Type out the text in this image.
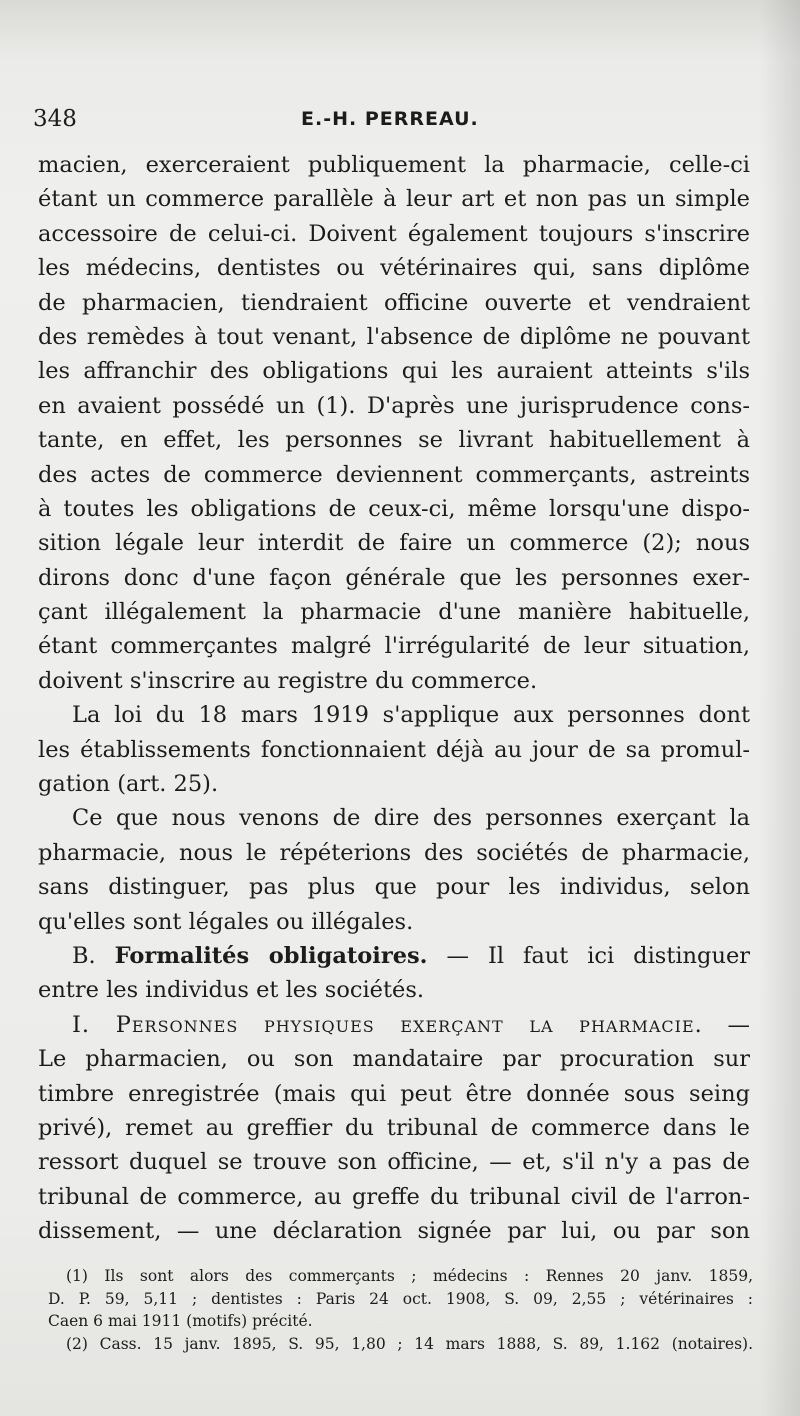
348	E.-H. PERREAU.
macien, exerceraient publiquement la pharmacie, celle-ci
étant un commerce parallèle à leur art et non pas un simple
accessoire de celui-ci. Doivent également toujours s'inscrire
les médecins, dentistes ou vétérinaires qui, sans diplôme
de pharmacien, tiendraient officine ouverte et vendraient
des remèdes à tout venant, l'absence de diplôme ne pouvant
les affranchir des obligations qui les auraient atteints s'ils
en avaient possédé un (1). D'après une jurisprudence cons-
tante, en effet, les personnes se livrant habituellement à
des actes de commerce deviennent commerçants, astreints
à toutes les obligations de ceux-ci, même lorsqu'une dispo-
sition légale leur interdit de faire un commerce (2); nous
dirons donc d'une façon générale que les personnes exer-
çant illégalement la pharmacie d'une manière habituelle,
étant commerçantes malgré l'irrégularité de leur situation,
doivent s'inscrire au registre du commerce.
La loi du 18 mars 1919 s'applique aux personnes dont
les établissements fonctionnaient déjà au jour de sa promul-
gation (art. 25).
Ce que nous venons de dire des personnes exerçant la
pharmacie, nous le répéterions des sociétés de pharmacie,
sans distinguer, pas plus que pour les individus, selon
qu'elles sont légales ou illégales.
B. Formalités obligatoires. — Il faut ici distinguer
entre les individus et les sociétés.
I. Personnes physiques exerçant la pharmacie. —
Le pharmacien, ou son mandataire par procuration sur
timbre enregistrée (mais qui peut être donnée sous seing
privé), remet au greffier du tribunal de commerce dans le
ressort duquel se trouve son officine, — et, s'il n'y a pas de
tribunal de commerce, au greffe du tribunal civil de l'arron-
dissement, — une déclaration signée par lui, ou par son
(1) Ils sont alors des commerçants ; médecins : Rennes 20 janv. 1859,
D. P. 59, 5,11 ; dentistes : Paris 24 oct. 1908, S. 09, 2,55 ; vétérinaires :
Caen 6 mai 1911 (motifs) précité.
(2) Cass. 15 janv. 1895, S. 95, 1,80 ; 14 mars 1888, S. 89, 1.162 (notaires).
